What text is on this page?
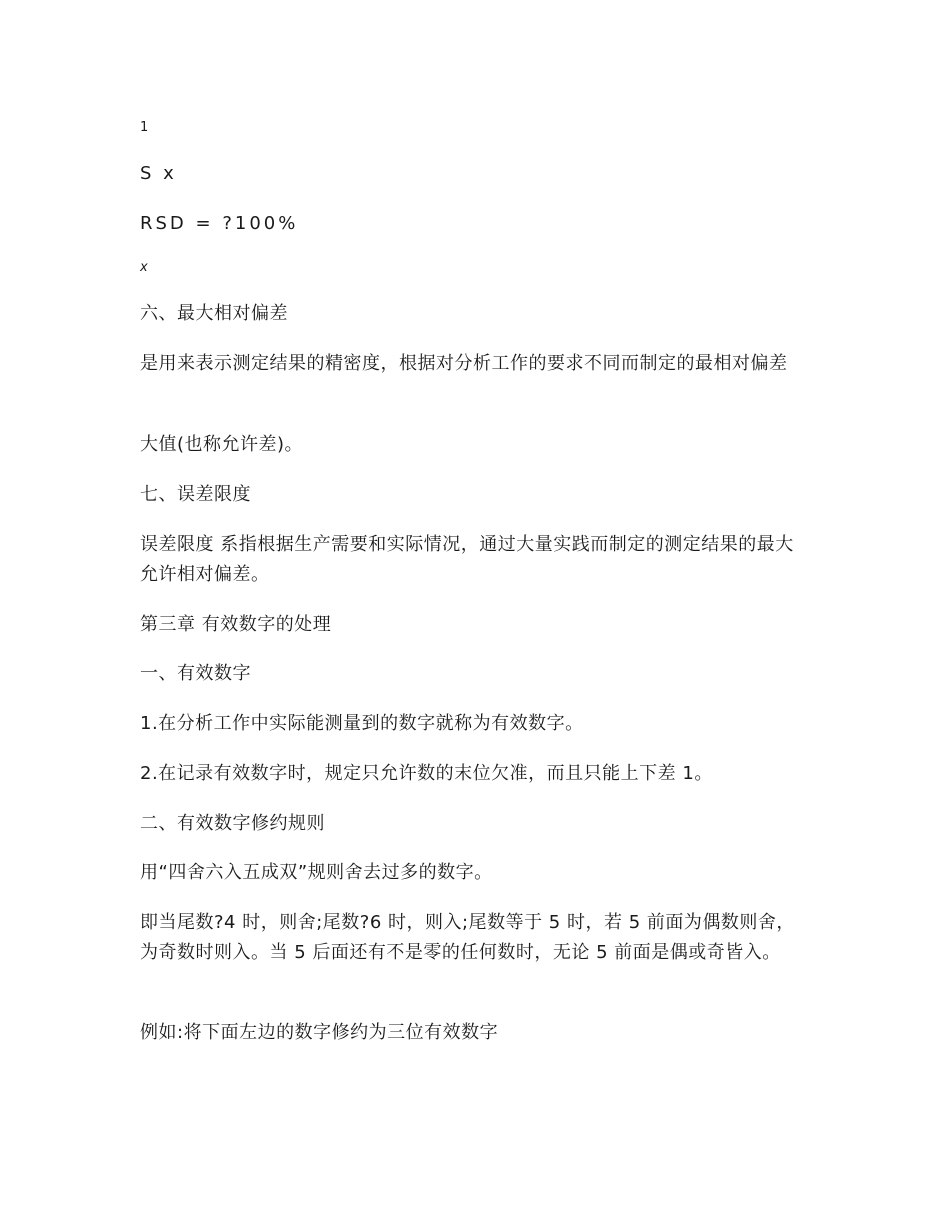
1
S x
RSD = ?100%
x
六、最大相对偏差
是用来表示测定结果的精密度，根据对分析工作的要求不同而制定的最相对偏差
大值(也称允许差)。
七、误差限度
误差限度 系指根据生产需要和实际情况，通过大量实践而制定的测定结果的最大允许相对偏差。
第三章 有效数字的处理
一、有效数字
1.在分析工作中实际能测量到的数字就称为有效数字。
2.在记录有效数字时，规定只允许数的末位欠准，而且只能上下差 1。
二、有效数字修约规则
用“四舍六入五成双”规则舍去过多的数字。
即当尾数?4 时，则舍;尾数?6 时，则入;尾数等于 5 时，若 5 前面为偶数则舍，为奇数时则入。当 5 后面还有不是零的任何数时，无论 5 前面是偶或奇皆入。
例如:将下面左边的数字修约为三位有效数字
